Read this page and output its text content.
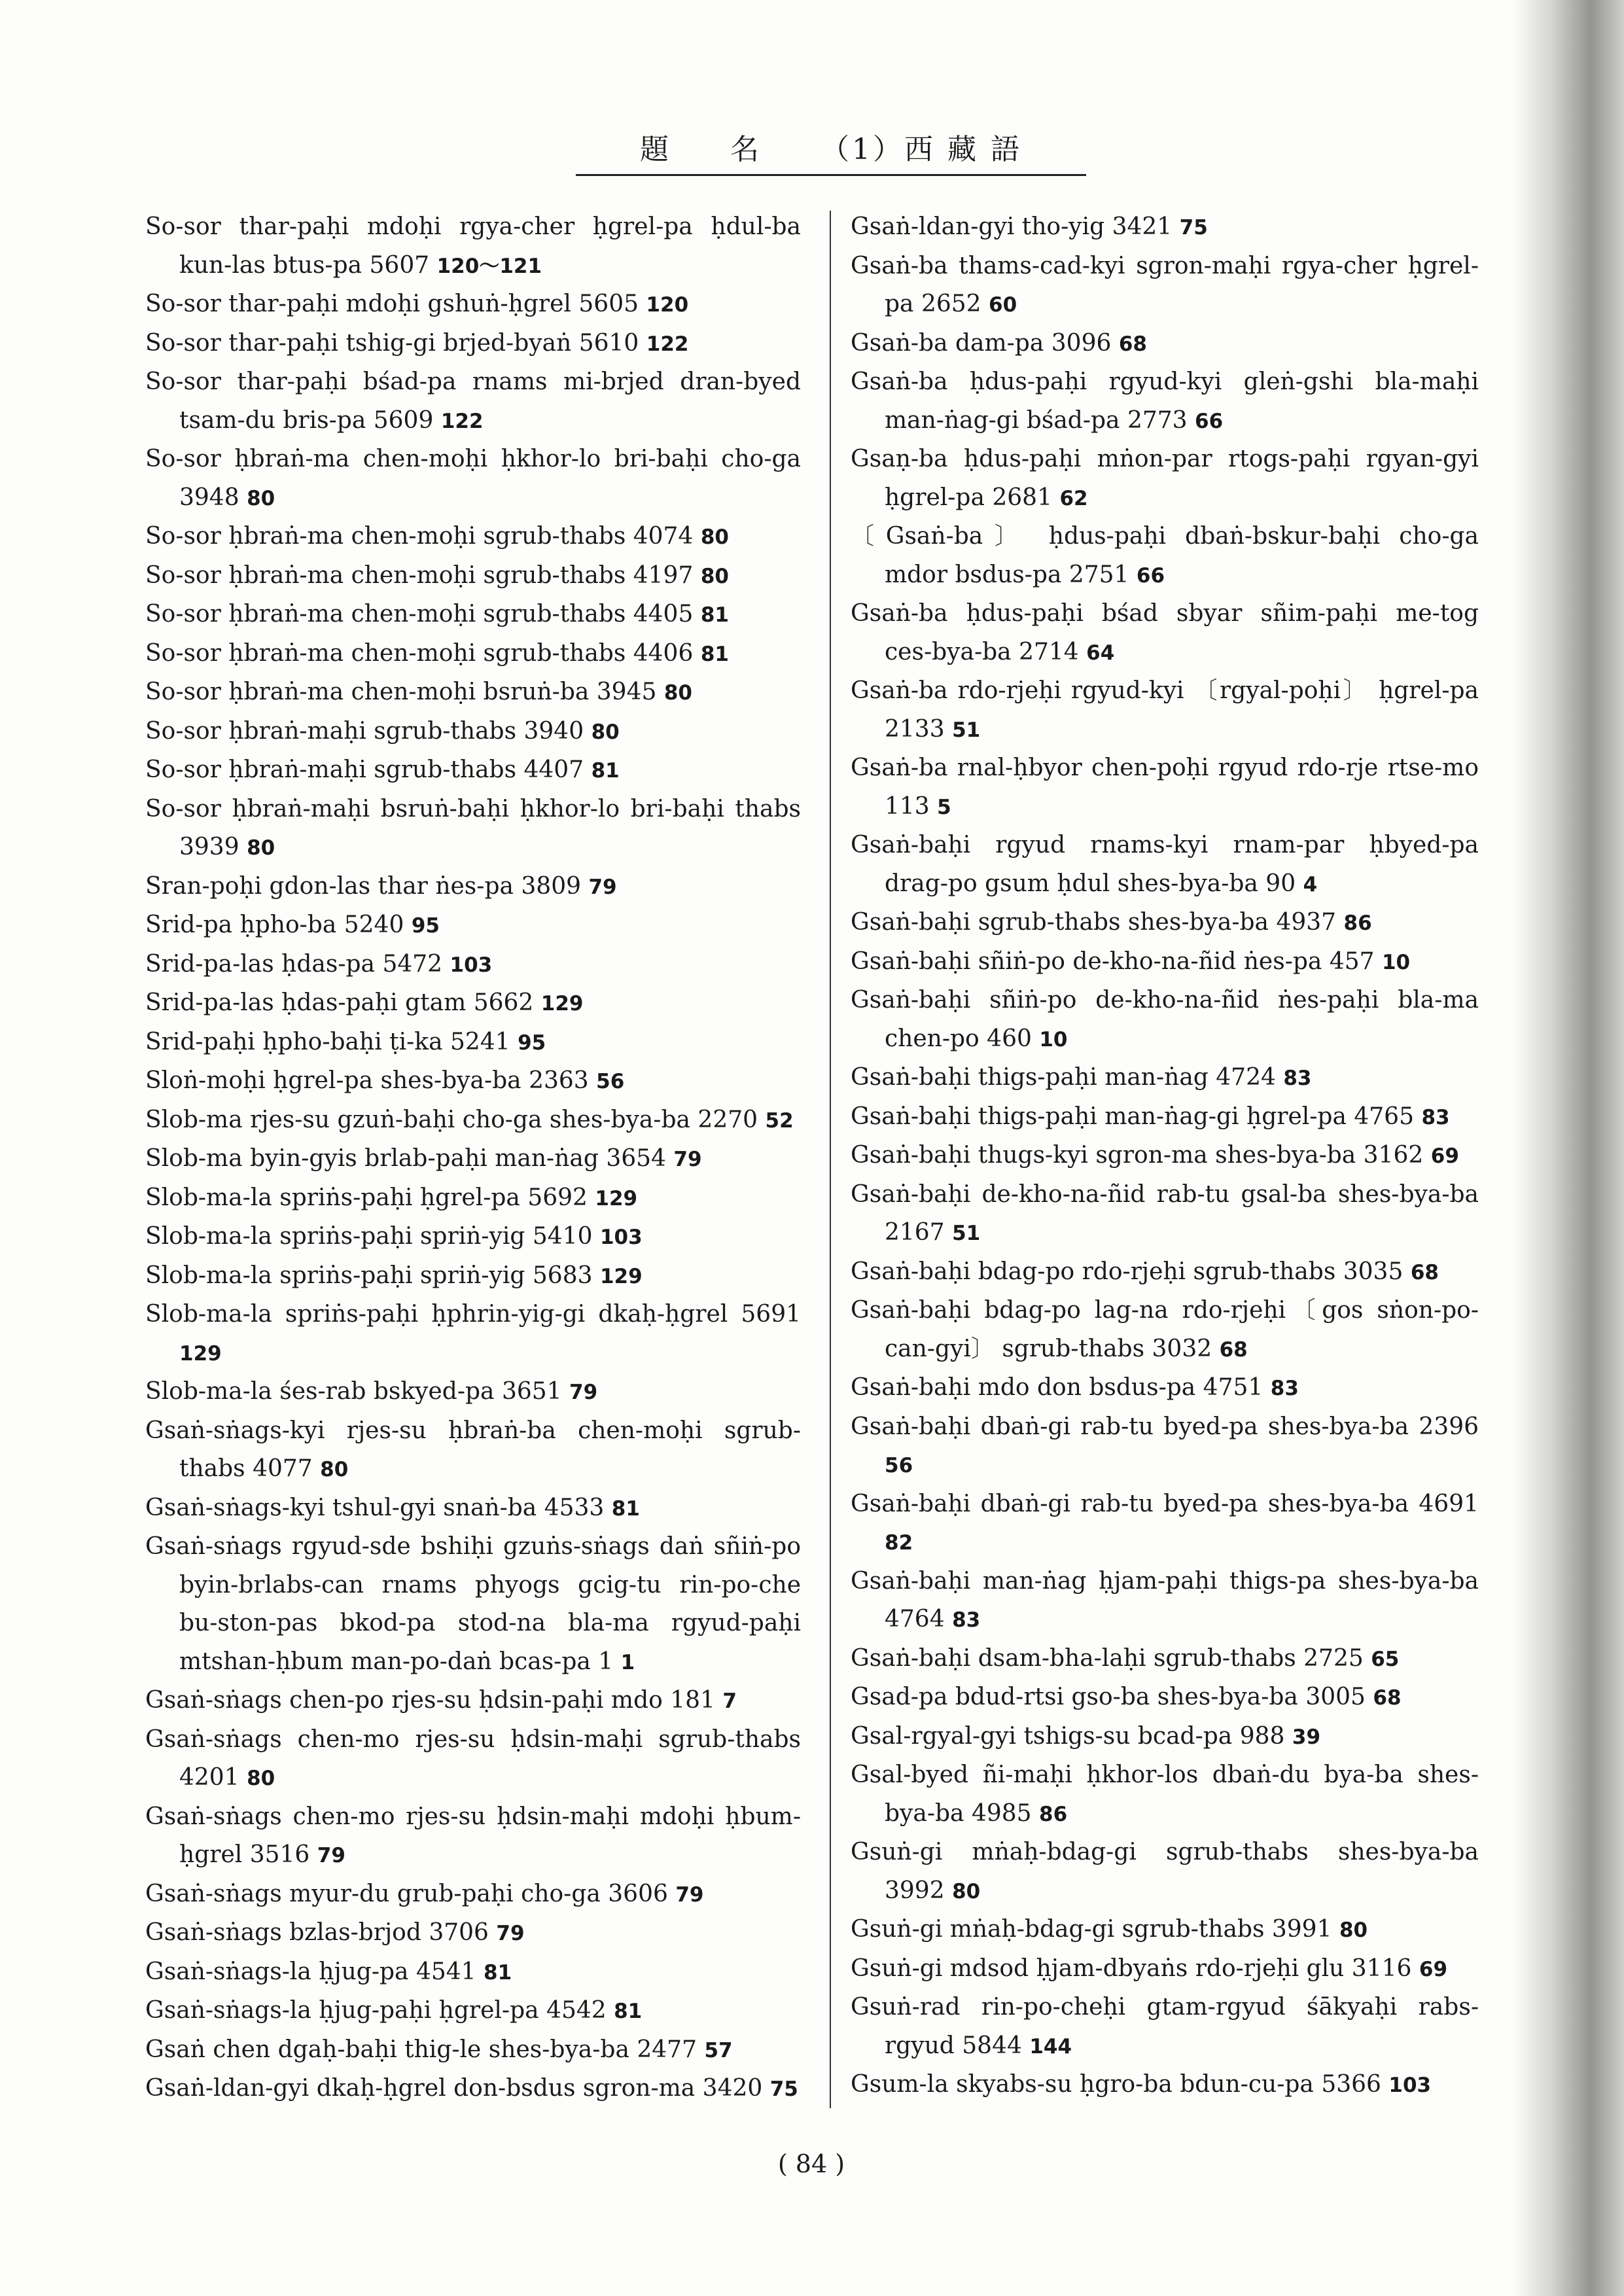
題 名 （1）西 藏 語
So-sor thar-paḥi mdoḥi rgya-cher ḥgrel-pa ḥdul-ba kun-las btus-pa 5607 120～121
So-sor thar-paḥi mdoḥi gshuṅ-ḥgrel 5605 120
So-sor thar-paḥi tshig-gi brjed-byaṅ 5610 122
So-sor thar-paḥi bśad-pa rnams mi-brjed dran-byed tsam-du bris-pa 5609 122
So-sor ḥbraṅ-ma chen-moḥi ḥkhor-lo bri-baḥi cho-ga 3948 80
So-sor ḥbraṅ-ma chen-moḥi sgrub-thabs 4074 80
So-sor ḥbraṅ-ma chen-moḥi sgrub-thabs 4197 80
So-sor ḥbraṅ-ma chen-moḥi sgrub-thabs 4405 81
So-sor ḥbraṅ-ma chen-moḥi sgrub-thabs 4406 81
So-sor ḥbraṅ-ma chen-moḥi bsruṅ-ba 3945 80
So-sor ḥbraṅ-maḥi sgrub-thabs 3940 80
So-sor ḥbraṅ-maḥi sgrub-thabs 4407 81
So-sor ḥbraṅ-maḥi bsruṅ-baḥi ḥkhor-lo bri-baḥi thabs 3939 80
Sran-poḥi gdon-las thar ṅes-pa 3809 79
Srid-pa ḥpho-ba 5240 95
Srid-pa-las ḥdas-pa 5472 103
Srid-pa-las ḥdas-paḥi gtam 5662 129
Srid-paḥi ḥpho-baḥi ṭi-ka 5241 95
Sloṅ-moḥi ḥgrel-pa shes-bya-ba 2363 56
Slob-ma rjes-su gzuṅ-baḥi cho-ga shes-bya-ba 2270 52
Slob-ma byin-gyis brlab-paḥi man-ṅag 3654 79
Slob-ma-la spriṅs-paḥi ḥgrel-pa 5692 129
Slob-ma-la spriṅs-paḥi spriṅ-yig 5410 103
Slob-ma-la spriṅs-paḥi spriṅ-yig 5683 129
Slob-ma-la spriṅs-paḥi ḥphrin-yig-gi dkaḥ-ḥgrel 5691 129
Slob-ma-la śes-rab bskyed-pa 3651 79
Gsaṅ-sṅags-kyi rjes-su ḥbraṅ-ba chen-moḥi sgrub-thabs 4077 80
Gsaṅ-sṅags-kyi tshul-gyi snaṅ-ba 4533 81
Gsaṅ-sṅags rgyud-sde bshiḥi gzuṅs-sṅags daṅ sñiṅ-po byin-brlabs-can rnams phyogs gcig-tu rin-po-che bu-ston-pas bkod-pa stod-na bla-ma rgyud-paḥi mtshan-ḥbum man-po-daṅ bcas-pa 1 1
Gsaṅ-sṅags chen-po rjes-su ḥdsin-paḥi mdo 181 7
Gsaṅ-sṅags chen-mo rjes-su ḥdsin-maḥi sgrub-thabs 4201 80
Gsaṅ-sṅags chen-mo rjes-su ḥdsin-maḥi mdoḥi ḥbum-ḥgrel 3516 79
Gsaṅ-sṅags myur-du grub-paḥi cho-ga 3606 79
Gsaṅ-sṅags bzlas-brjod 3706 79
Gsaṅ-sṅags-la ḥjug-pa 4541 81
Gsaṅ-sṅags-la ḥjug-paḥi ḥgrel-pa 4542 81
Gsaṅ chen dgaḥ-baḥi thig-le shes-bya-ba 2477 57
Gsaṅ-ldan-gyi dkaḥ-ḥgrel don-bsdus sgron-ma 3420 75
Gsaṅ-ldan-gyi tho-yig 3421 75
Gsaṅ-ba thams-cad-kyi sgron-maḥi rgya-cher ḥgrel-pa 2652 60
Gsaṅ-ba dam-pa 3096 68
Gsaṅ-ba ḥdus-paḥi rgyud-kyi gleṅ-gshi bla-maḥi man-ṅag-gi bśad-pa 2773 66
Gsaṇ-ba ḥdus-paḥi mṅon-par rtogs-paḥi rgyan-gyi ḥgrel-pa 2681 62
〔Gsaṅ-ba〕 ḥdus-paḥi dbaṅ-bskur-baḥi cho-ga mdor bsdus-pa 2751 66
Gsaṅ-ba ḥdus-paḥi bśad sbyar sñim-paḥi me-tog ces-bya-ba 2714 64
Gsaṅ-ba rdo-rjeḥi rgyud-kyi 〔rgyal-poḥi〕 ḥgrel-pa 2133 51
Gsaṅ-ba rnal-ḥbyor chen-poḥi rgyud rdo-rje rtse-mo 113 5
Gsaṅ-baḥi rgyud rnams-kyi rnam-par ḥbyed-pa drag-po gsum ḥdul shes-bya-ba 90 4
Gsaṅ-baḥi sgrub-thabs shes-bya-ba 4937 86
Gsaṅ-baḥi sñiṅ-po de-kho-na-ñid ṅes-pa 457 10
Gsaṅ-baḥi sñiṅ-po de-kho-na-ñid ṅes-paḥi bla-ma chen-po 460 10
Gsaṅ-baḥi thigs-paḥi man-ṅag 4724 83
Gsaṅ-baḥi thigs-paḥi man-ṅag-gi ḥgrel-pa 4765 83
Gsaṅ-baḥi thugs-kyi sgron-ma shes-bya-ba 3162 69
Gsaṅ-baḥi de-kho-na-ñid rab-tu gsal-ba shes-bya-ba 2167 51
Gsaṅ-baḥi bdag-po rdo-rjeḥi sgrub-thabs 3035 68
Gsaṅ-baḥi bdag-po lag-na rdo-rjeḥi〔gos sṅon-po-can-gyi〕 sgrub-thabs 3032 68
Gsaṅ-baḥi mdo don bsdus-pa 4751 83
Gsaṅ-baḥi dbaṅ-gi rab-tu byed-pa shes-bya-ba 2396 56
Gsaṅ-baḥi dbaṅ-gi rab-tu byed-pa shes-bya-ba 4691 82
Gsaṅ-baḥi man-ṅag ḥjam-paḥi thigs-pa shes-bya-ba 4764 83
Gsaṅ-baḥi dsam-bha-laḥi sgrub-thabs 2725 65
Gsad-pa bdud-rtsi gso-ba shes-bya-ba 3005 68
Gsal-rgyal-gyi tshigs-su bcad-pa 988 39
Gsal-byed ñi-maḥi ḥkhor-los dbaṅ-du bya-ba shes-bya-ba 4985 86
Gsuṅ-gi mṅaḥ-bdag-gi sgrub-thabs shes-bya-ba 3992 80
Gsuṅ-gi mṅaḥ-bdag-gi sgrub-thabs 3991 80
Gsuṅ-gi mdsod ḥjam-dbyaṅs rdo-rjeḥi glu 3116 69
Gsuṅ-rad rin-po-cheḥi gtam-rgyud śākyaḥi rabs-rgyud 5844 144
Gsum-la skyabs-su ḥgro-ba bdun-cu-pa 5366 103
( 84 )
